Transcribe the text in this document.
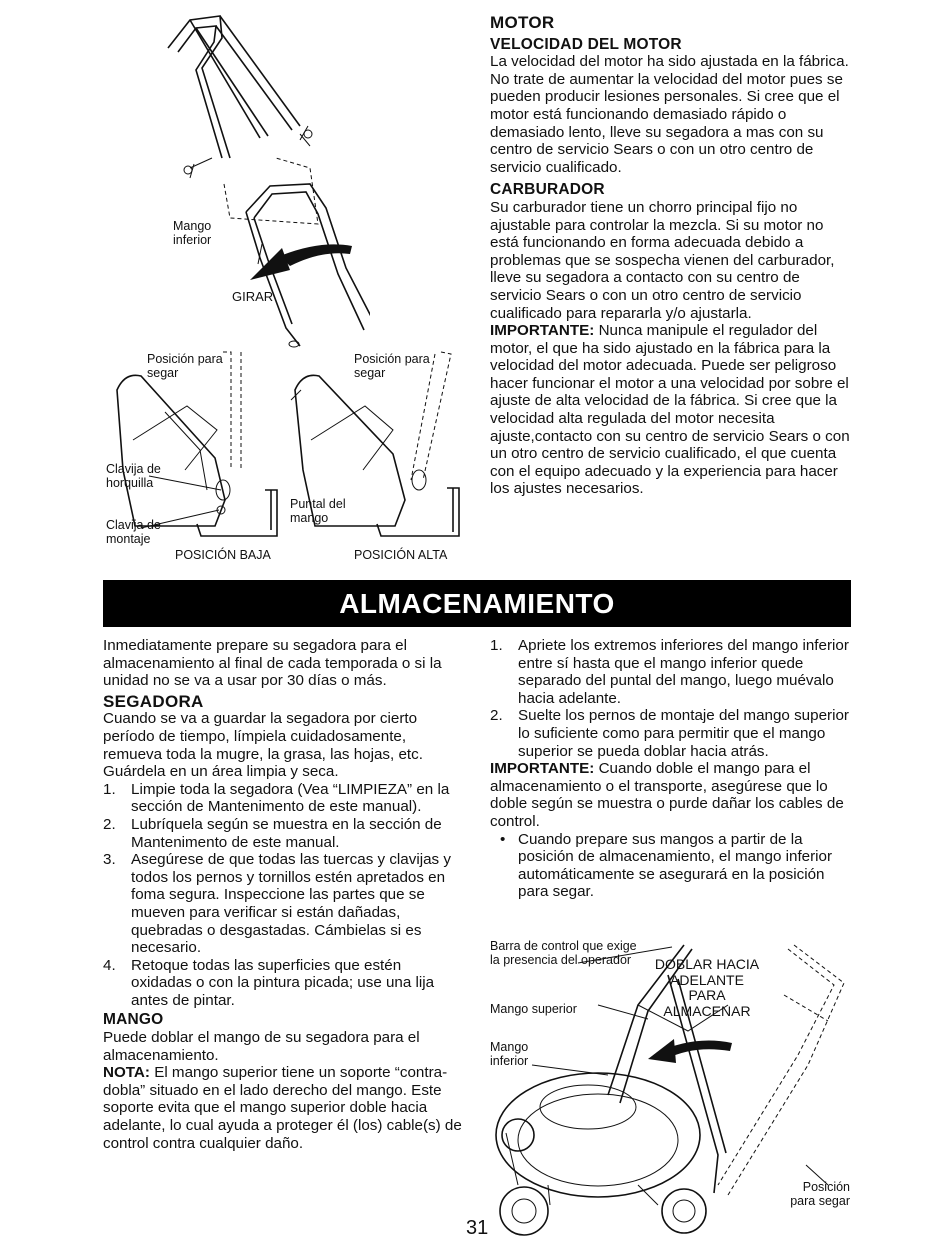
Mango inferior
GIRAR
Posición para segar
Posición para segar
Clavija de horquilla
Clavija de montaje
Puntal del mango
POSICIÓN BAJA	POSICIÓN ALTA
MOTOR
VELOCIDAD DEL MOTOR

La velocidad del motor ha sido ajustada en la fábrica. No trate de aumentar la velocidad del motor pues se pueden producir lesiones personales. Si cree que el motor está funcionando demasiado rápido o demasiado lento, lleve su segadora a mas con su centro de servicio Sears o con un otro centro de servicio cualificado.

CARBURADOR

Su carburador tiene un chorro principal fijo no ajustable para controlar la mezcla. Si su motor no está funcionando en forma adecuada debido a problemas que se sospecha vienen del carburador, lleve su segadora a contacto con su centro de servicio Sears o con un otro centro de servicio cualificado para repararla y/o ajustarla.

IMPORTANTE: Nunca manipule el regulador del motor, el que ha sido ajustado en la fábrica para la velocidad del motor adecuada. Puede ser peligroso hacer funcionar el motor a una velocidad por sobre el ajuste de alta velocidad de la fábrica. Si cree que la velocidad alta regulada del motor necesita ajuste,contacto con su centro de servicio Sears o con un otro centro de servicio cualificado, el que cuenta con el equipo adecuado y la experiencia para hacer los ajustes necesarios.

ALMACENAMIENTO

Inmediatamente prepare su segadora para el almacenamiento al final de cada temporada o si la unidad no se va a usar por 30 días o más.

SEGADORA

Cuando se va a guardar la segadora por cierto período de tiempo, límpiela cuidadosamente, remueva toda la mugre, la grasa, las hojas, etc. Guárdela en un área limpia y seca.

1. Limpie toda la segadora (Vea “LIMPIEZA” en la sección de Mantenimento de este manual).
2. Lubríquela según se muestra en la sección de Mantenimento de este manual.
3. Asegúrese de que todas las tuercas y clavijas y todos los pernos y tornillos estén apretados en foma segura. Inspeccione las partes que se mueven para verificar si están dañadas, quebradas o desgastadas. Cámbielas si es necesario.
4. Retoque todas las superficies que estén oxidadas o con la pintura picada; use una lija antes de pintar.
MANGO

Puede doblar el mango de su segadora para el almacenamiento.

NOTA: El mango superior tiene un soporte “contra-dobla” situado en el lado derecho del mango. Este soporte evita que el mango superior doble hacia adelante, lo cual ayuda a proteger él (los) cable(s) de control contra cualquier daño.

1. Apriete los extremos inferiores del mango inferior entre sí hasta que el mango inferior quede separado del puntal del mango, luego muévalo hacia adelante.
2. Suelte los pernos de montaje del mango superior lo suficiente como para permitir que el mango superior se pueda doblar hacia atrás.

IMPORTANTE: Cuando doble el mango para el almacenamiento o el transporte, asegúrese que lo doble según se muestra o purde dañar los cables de control.

• Cuando prepare sus mangos a partir de la posición de almacenamiento, el mango inferior automáticamente se asegurará en la posición para segar.
Barra de control que exige la presencia del operador
Mango superior
Mango inferior
DOBLAR HACIA ADELANTE PARA ALMACENAR
Posición para segar
31
